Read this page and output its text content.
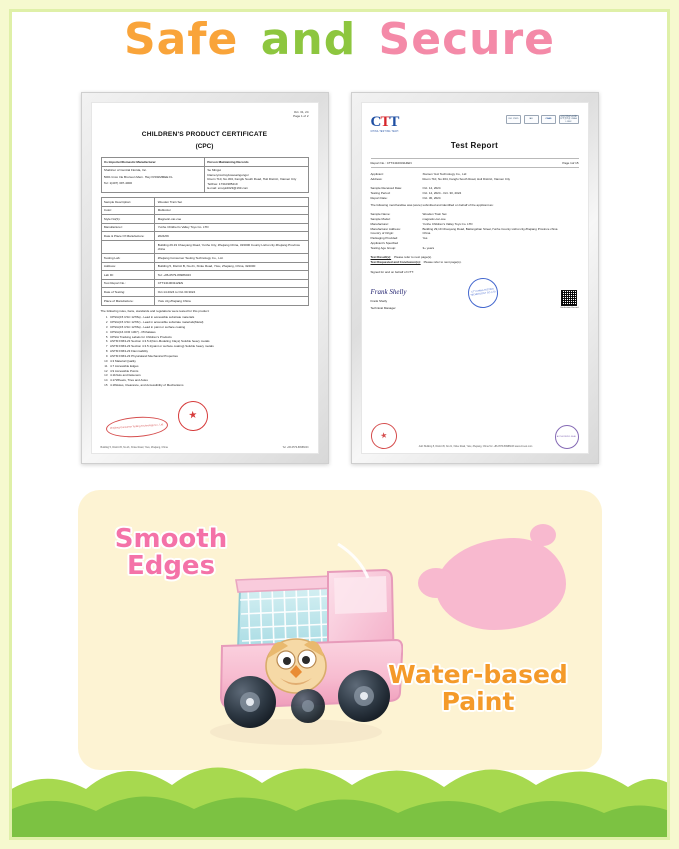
Safe and Secure
Oct. 31, 24
Page 1 of 2
CHILDREN'S PRODUCT CERTIFICATE
(CPC)
Us Importer/Domestic Manufacturer	Person Maintaining Records

Shahinur of Central Florida, Inc.
5001 Imco Irle Bronson Mem. Hwy KISSIMMEE FL
Tel: 1(407) 397-4000

Se Mingui
blameryncolroybowoaingongsl
Room 710, No.304, Fangfu South Road, Huli District, Xiamen City
Tel/Fax: 17310385219
E-mail: smuyk2023@163.com
Sample Description:	Wooden Train Set
Color:	Multicolor
Style No(S):	Magnetic-car-coe
Manufacturer:	Yunhe Children's Valley Toys Co. LTD
Date & Place Of Manufacture:	2024/09
	Building 29.19 Chaoyang Road, Yunhe City, Zhejiang China, 323000 County Lishui city Zhejiang Province china
Testing Lab:	Zhejiang Consumer Testing Technology Co., Ltd.
Address:	Building 5, District B, No.21, Xinke Road, Yiwu, Zhejiang, China, 322000
Lab ID:	Tel: +86-0579-89986043
Test Report No.:	CTT24100311ZEN
Date of Testing:	Oct.14.2024 to Oct.30.3024
Place of Manufacture:	Yiwu city,Zhejiang China
The following rules, bans, standards and regulations were tested for this product:
1 CPSIA(15 USC 1278a) - Lead in accessible substrate materials
2 CPSIA(15 USC 1278c) - Lead in accessible substrate materials(Metal)
3 CPSIA(15 USC 1278a) - Lead in paint or surface coating
4 CPSIA(16 CFR 1307) - Phthalates
5 CPSIA Tracking Labels for Children's Products
6 ASTM F963-23 Section 4.3.5.2(Non-Modeling Clays) Soluble heavy metals
7 ASTM F963-23 Section 4.3.5.1(paint or surface coating) Soluble heavy metals
8 ASTM F963-23 Flammability
9 ASTM F963-23 Physicaland Mechanical Properties
10 4.3 Material Quality
11 4.7 Accessible Edges
12 4.9 Accessible Points
13 4.11Nuts and fasteners
14 4.17Wheels, Tires and Axles
15 4.18Holes, Clearance, and Accessibility of Mechanisms
Zhejiang Consumer Testing Technology Co., Ltd.
★
Building 5, District B, No.21, Xinke Road, Yiwu, Zhejiang, China	Tel: +86-0579-89986043
CTT
CHINA TESTING TECH
ISO 17025	IAS	CNAS
中国合格评定国家认可委员会 CNAS L1362
Test Report
Report No.: CTT24100311ZEN	Page 1of 15
Applicant:	Xiamen Yeci Technology Co., Ltd
Address:	Room 710, No.304, Fangfu South Road, Huli District, Xiamen City
Sample Received Date:	Oct. 14, 2024
Testing Period:	Oct. 14, 2024 - Oct. 30, 2024
Report Date:	Oct. 30, 2024
The following merchandise was (were) submitted and identified on behalf of the applicant as:
Sample Name:	Wooden Train Set
Sample Model:	magnetic-car-coe
Manufacturer:	Yunhe Children's Valley Toys Co. LTD
Manufacturer Address:	Building 29,19 Chaoyang Road, Bailongshan Street,Yunhe County Lishui city,Zhejiang Province china
Country of Origin:	China
Packaging Provided:	Yes
Applicant's Specified
Testing Age Group:	3+ years
Test Result(s): Please refer to next page(s).
Test Requested and Conclusion(s): Please refer to next page(s).
Signed for and on behalf of CTT:
Frank Shelly
Frank Shelly
Technical Manager
CTT CHINA TESTING TECHNOLOGY CO.,LTD
Verification Record
★
Add: Building 5, District B, No.21, Xinke Road, Yiwu, Zhejiang, China Tel: +86-0579-89986043 www.ctt-test.com
AUTHORIZED SEAL
Smooth
Edges
Water-based
Paint
